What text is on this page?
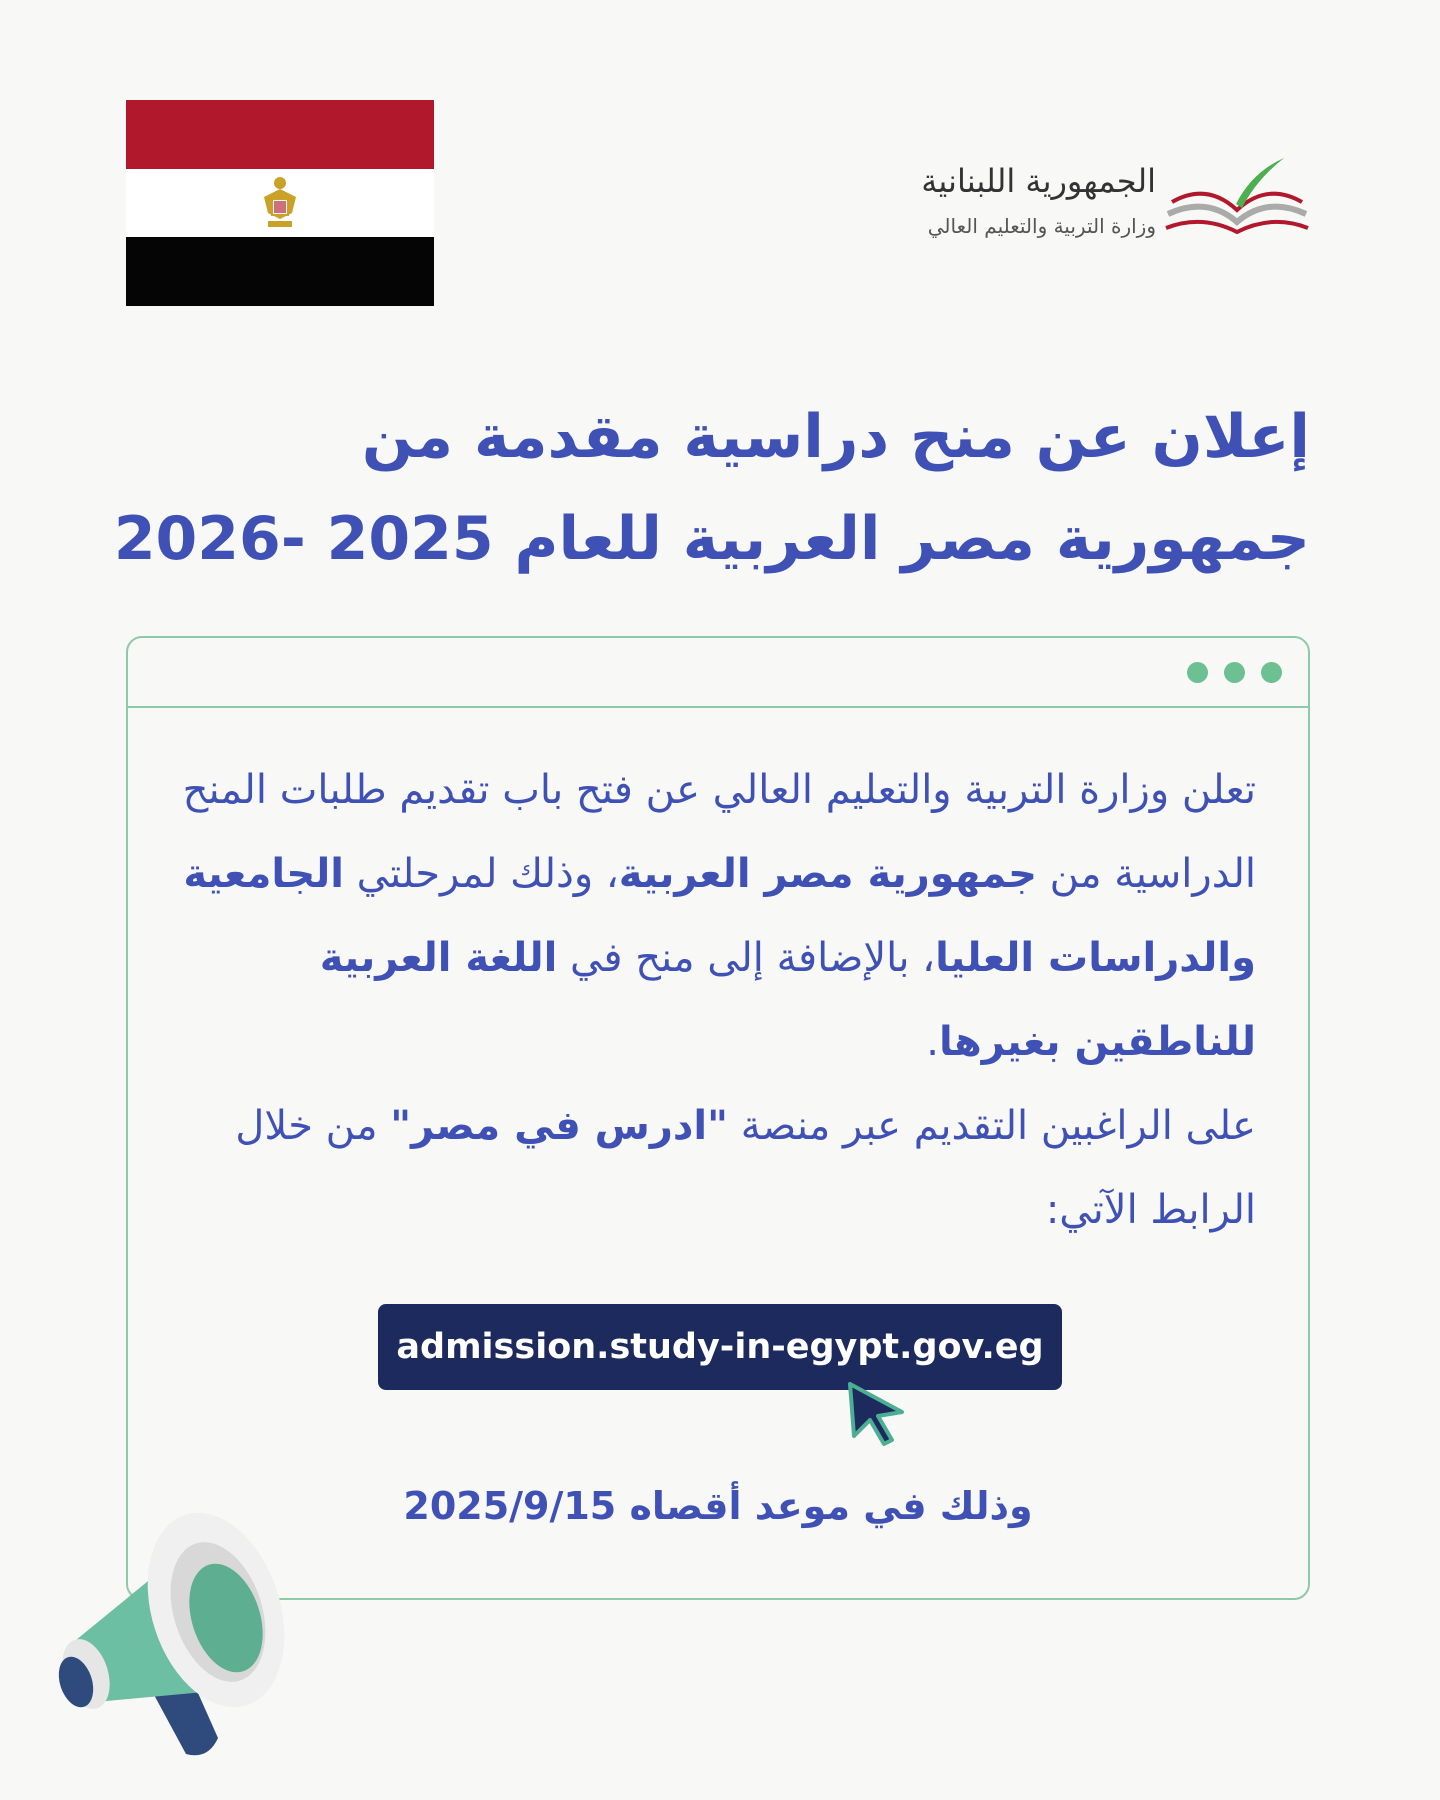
الجمهورية اللبنانية
وزارة التربية والتعليم العالي
إعلان عن منح دراسية مقدمة من
جمهورية مصر العربية للعام 2025 -2026
تعلن وزارة التربية والتعليم العالي عن فتح باب تقديم طلبات المنح الدراسية من جمهورية مصر العربية، وذلك لمرحلتي الجامعية والدراسات العليا، بالإضافة إلى منح في اللغة العربية للناطقين بغيرها.
على الراغبين التقديم عبر منصة "ادرس في مصر" من خلال الرابط الآتي:
admission.study-in-egypt.gov.eg
وذلك في موعد أقصاه 2025/9/15
